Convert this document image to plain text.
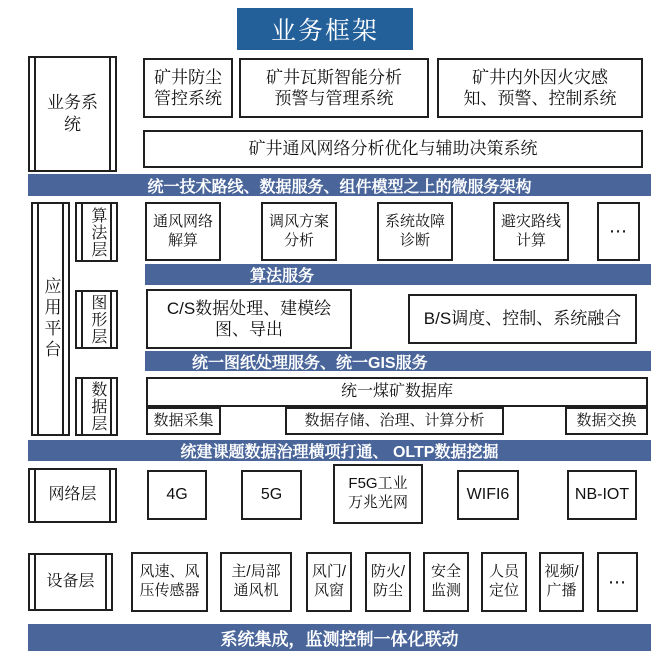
业务框架
业务系统
矿井防尘管控系统
矿井瓦斯智能分析预警与管理系统
矿井内外因火灾感知、预警、控制系统
矿井通风网络分析优化与辅助决策系统
统一技术路线、数据服务、组件模型之上的微服务架构
应用平台
算法层	通风网络解算
调风方案分析
系统故障诊断
避灾路线计算	⋯
算法服务
图形层	C/S数据处理、建模绘图、导出
B/S调度、控制、系统融合
统一图纸处理服务、统一GIS服务
数据层	统一煤矿数据库
数据采集	数据存储、治理、计算分析	数据交换
统建课题数据治理横项打通、 OLTP数据挖掘
网络层	4G	5G
F5G工业万兆光网	WIFI6	NB-IOT
设备层
风速、风压传感器
主/局部通风机
风门/风窗
防火/防尘
安全监测
人员定位
视频/广播	⋯
系统集成，监测控制一体化联动
